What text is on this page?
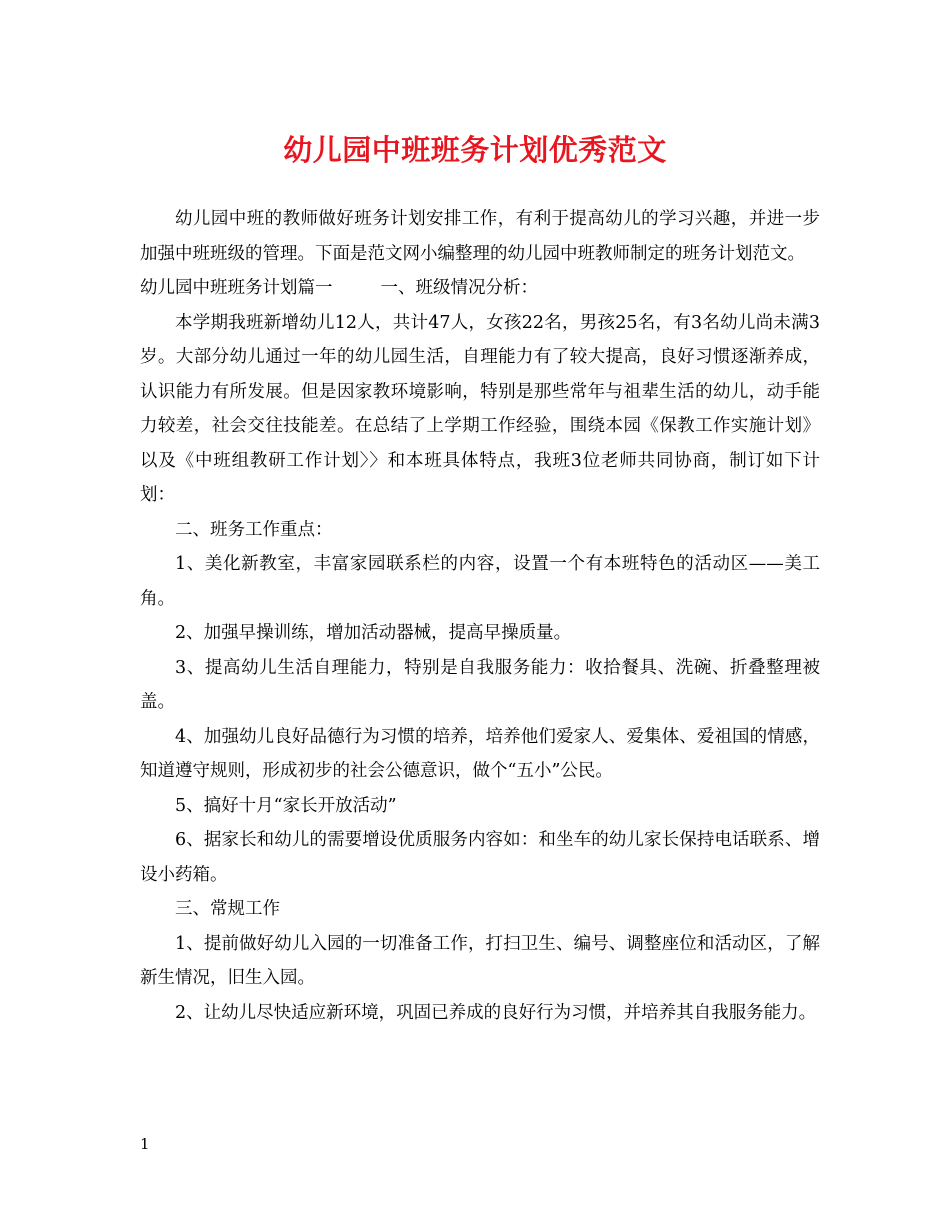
幼儿园中班班务计划优秀范文

幼儿园中班的教师做好班务计划安排工作，有利于提高幼儿的学习兴趣，并进一步加强中班班级的管理。下面是范文网小编整理的幼儿园中班教师制定的班务计划范文。

幼儿园中班班务计划篇一	一、班级情况分析：

本学期我班新增幼儿12人，共计47人，女孩22名，男孩25名，有3名幼儿尚未满3岁。大部分幼儿通过一年的幼儿园生活，自理能力有了较大提高，良好习惯逐渐养成，认识能力有所发展。但是因家教环境影响，特别是那些常年与祖辈生活的幼儿，动手能力较差，社会交往技能差。在总结了上学期工作经验，围绕本园《保教工作实施计划》以及《中班组教研工作计划〉〉和本班具体特点，我班3位老师共同协商，制订如下计划：

二、班务工作重点：

1、美化新教室，丰富家园联系栏的内容，设置一个有本班特色的活动区——美工角。

2、加强早操训练，增加活动器械，提高早操质量。

3、提高幼儿生活自理能力，特别是自我服务能力：收拾餐具、洗碗、折叠整理被盖。

4、加强幼儿良好品德行为习惯的培养，培养他们爱家人、爱集体、爱祖国的情感，知道遵守规则，形成初步的社会公德意识，做个“五小”公民。

5、搞好十月“家长开放活动”

6、据家长和幼儿的需要增设优质服务内容如：和坐车的幼儿家长保持电话联系、增设小药箱。

三、常规工作

1、提前做好幼儿入园的一切准备工作，打扫卫生、编号、调整座位和活动区，了解新生情况，旧生入园。

2、让幼儿尽快适应新环境，巩固已养成的良好行为习惯，并培养其自我服务能力。

1
